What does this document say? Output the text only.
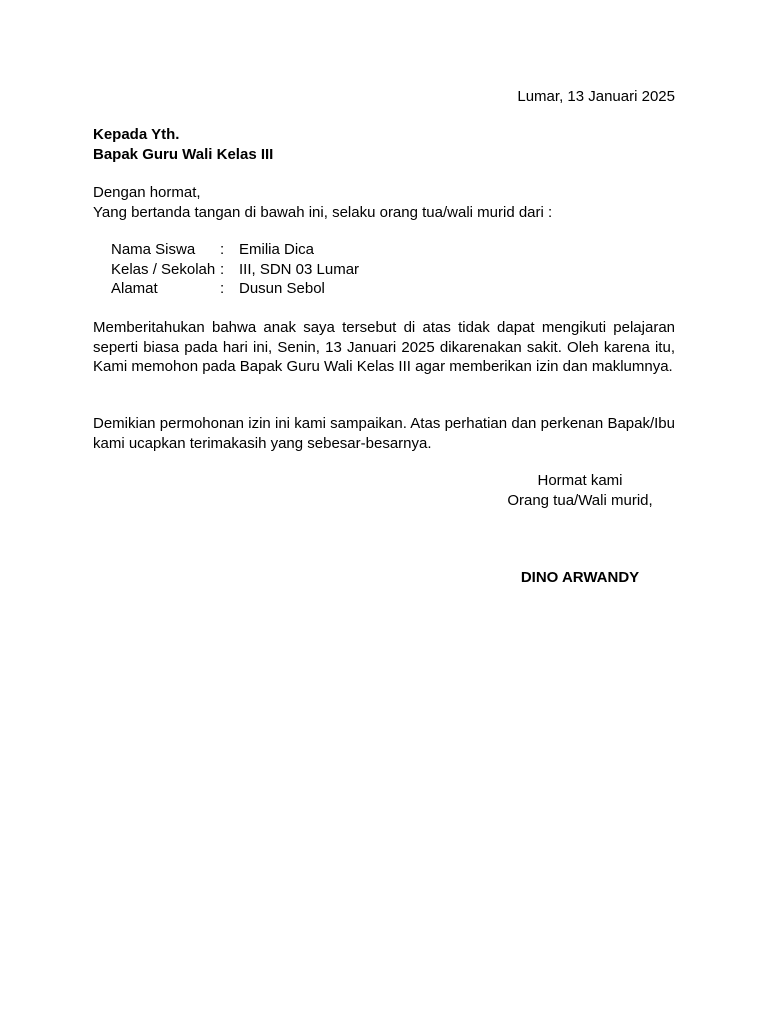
Lumar, 13 Januari 2025
Kepada Yth.
Bapak Guru Wali Kelas III
Dengan hormat,
Yang bertanda tangan di bawah ini, selaku orang tua/wali murid dari :
Nama Siswa : Emilia Dica
Kelas / Sekolah : III, SDN 03 Lumar
Alamat	: Dusun Sebol
Memberitahukan bahwa anak saya tersebut di atas tidak dapat mengikuti pelajaran seperti biasa pada hari ini, Senin, 13 Januari 2025 dikarenakan sakit. Oleh karena itu, Kami memohon pada Bapak Guru Wali Kelas III agar memberikan izin dan maklumnya.
Demikian permohonan izin ini kami sampaikan. Atas perhatian dan perkenan Bapak/Ibu kami ucapkan terimakasih yang sebesar-besarnya.
Hormat kami
Orang tua/Wali murid,
DINO ARWANDY
